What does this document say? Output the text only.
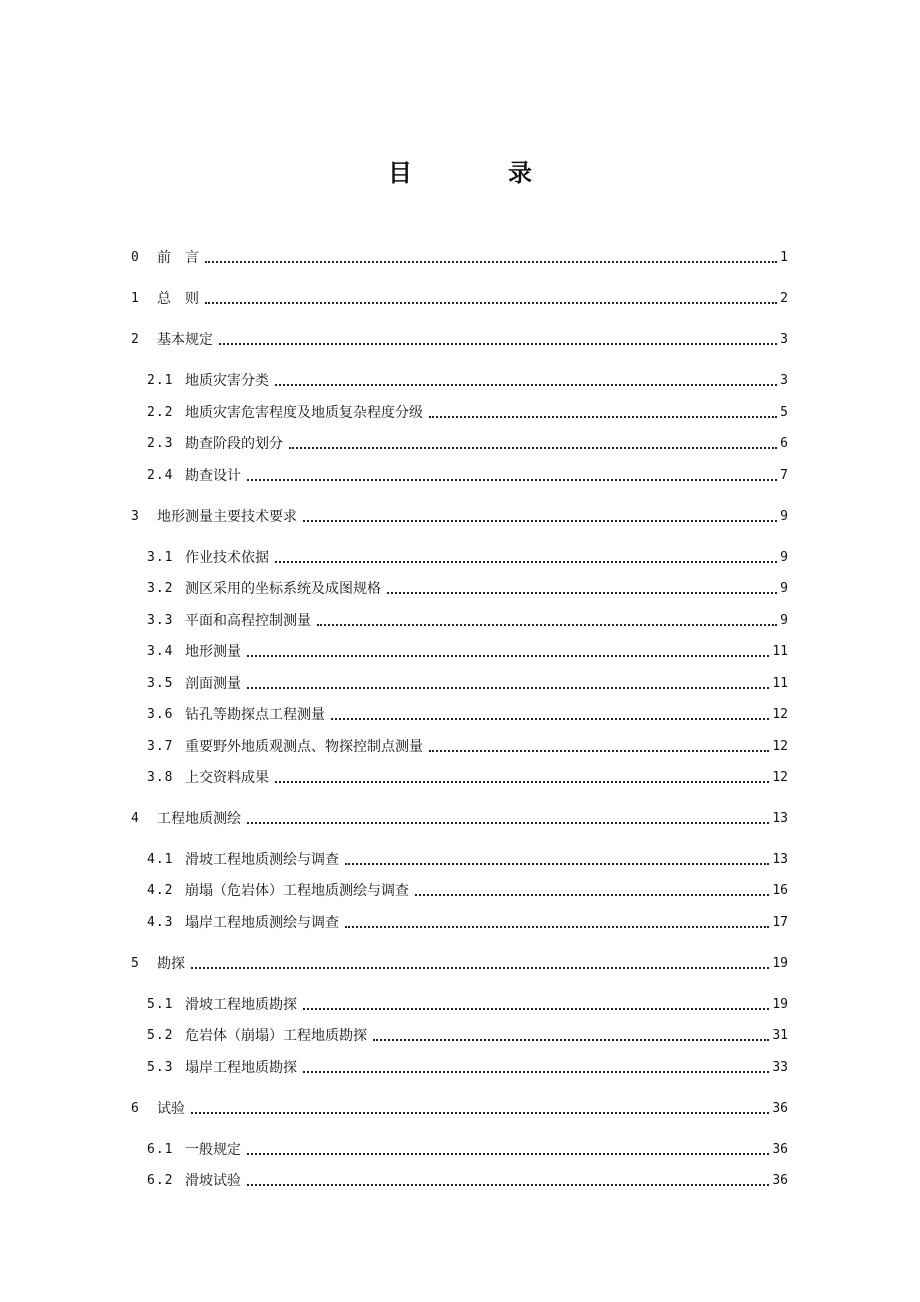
目　录
0	前　言	1
1	总　则	2
2	基本规定	3
2.1 地质灾害分类	3
2.2 地质灾害危害程度及地质复杂程度分级	5
2.3 勘查阶段的划分	6
2.4 勘查设计	7
3	地形测量主要技术要求	9
3.1 作业技术依据	9
3.2 测区采用的坐标系统及成图规格	9
3.3 平面和高程控制测量	9
3.4 地形测量	11
3.5 剖面测量	11
3.6 钻孔等勘探点工程测量	12
3.7 重要野外地质观测点、物探控制点测量	12
3.8 上交资料成果	12
4	工程地质测绘	13
4.1 滑坡工程地质测绘与调查	13
4.2 崩塌（危岩体）工程地质测绘与调查	16
4.3 塌岸工程地质测绘与调查	17
5	勘探	19
5.1 滑坡工程地质勘探	19
5.2 危岩体（崩塌）工程地质勘探	31
5.3 塌岸工程地质勘探	33
6	试验	36
6.1 一般规定	36
6.2 滑坡试验	36
